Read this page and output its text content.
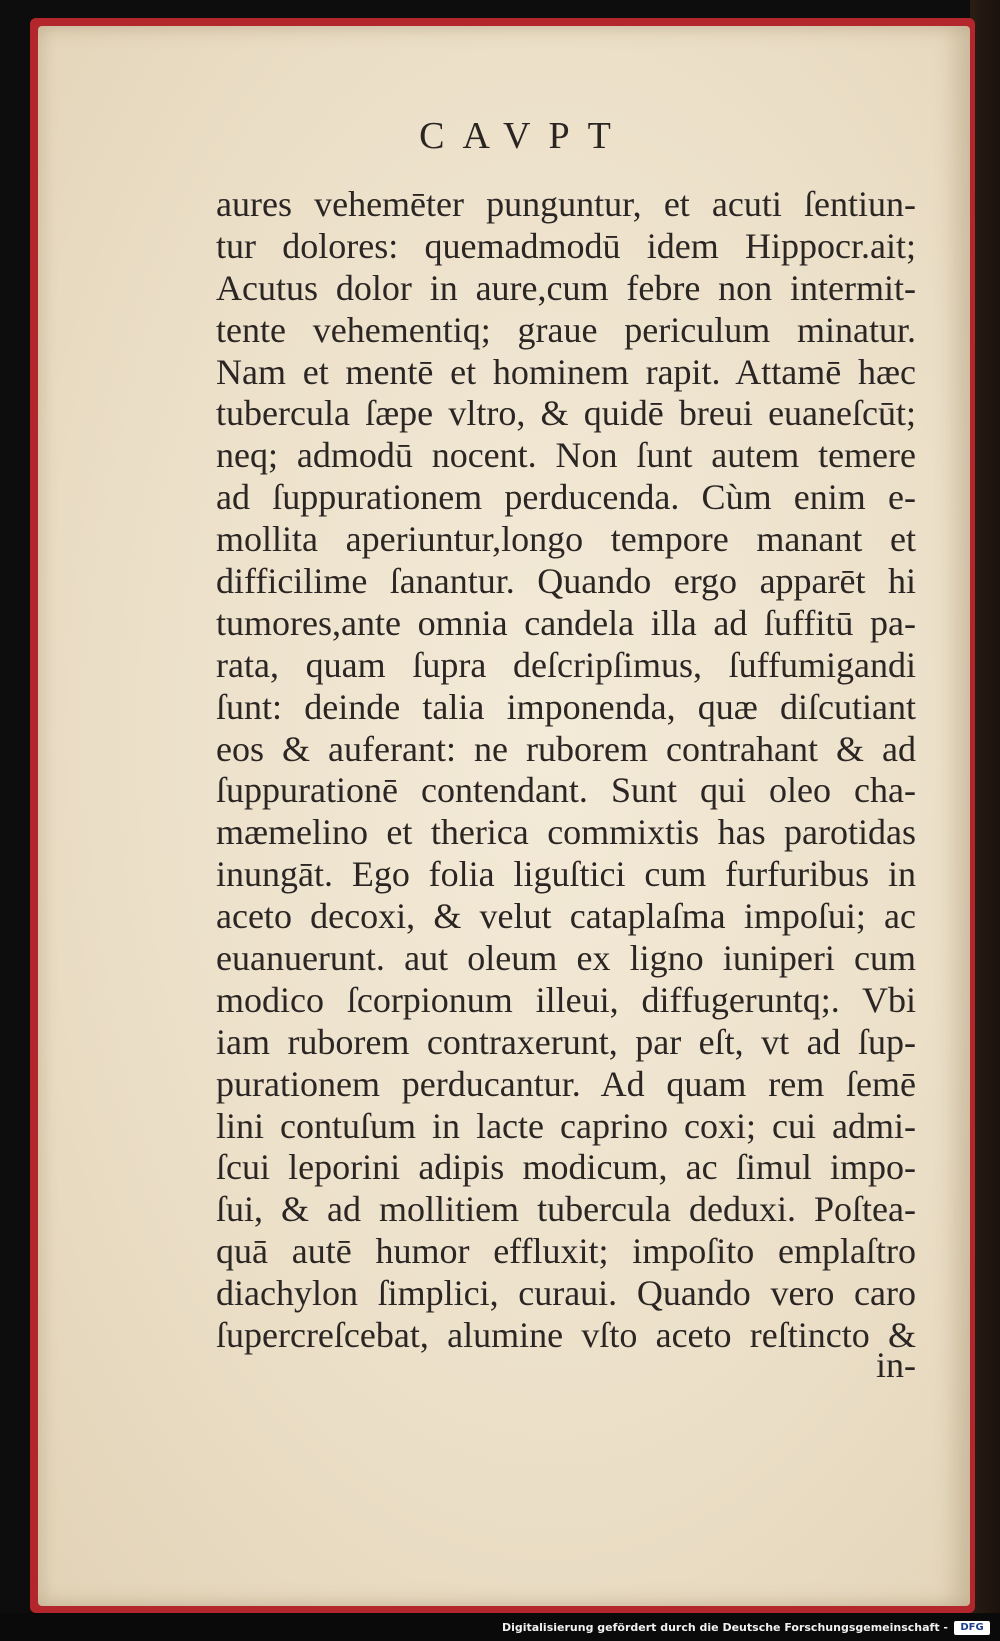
CAVPT
aures vehemēter punguntur, et acuti ſentiun-
tur dolores: quemadmodū idem Hippocr.ait;
Acutus dolor in aure,cum febre non intermit-
tente vehementiq; graue periculum minatur.
Nam et mentē et hominem rapit. Attamē hæc
tubercula ſæpe vltro, & quidē breui euaneſcūt;
neq; admodū nocent. Non ſunt autem temere
ad ſuppurationem perducenda. Cùm enim e-
mollita aperiuntur,longo tempore manant et
difficilime ſanantur. Quando ergo apparēt hi
tumores,ante omnia candela illa ad ſuffitū pa-
rata, quam ſupra deſcripſimus, ſuffumigandi
ſunt: deinde talia imponenda, quæ diſcutiant
eos & auferant: ne ruborem contrahant & ad
ſuppurationē contendant. Sunt qui oleo cha-
mæmelino et therica commixtis has parotidas
inungāt. Ego folia liguſtici cum furfuribus in
aceto decoxi, & velut cataplaſma impoſui; ac
euanuerunt. aut oleum ex ligno iuniperi cum
modico ſcorpionum illeui, diffugeruntq;. Vbi
iam ruborem contraxerunt, par eſt, vt ad ſup-
purationem perducantur. Ad quam rem ſemē
lini contuſum in lacte caprino coxi; cui admi-
ſcui leporini adipis modicum, ac ſimul impo-
ſui, & ad mollitiem tubercula deduxi. Poſtea-
quā autē humor effluxit; impoſito emplaſtro
diachylon ſimplici, curaui. Quando vero caro
ſupercreſcebat, alumine vſto aceto reſtincto &
in-
Digitalisierung gefördert durch die Deutsche Forschungsgemeinschaft -	DFG
